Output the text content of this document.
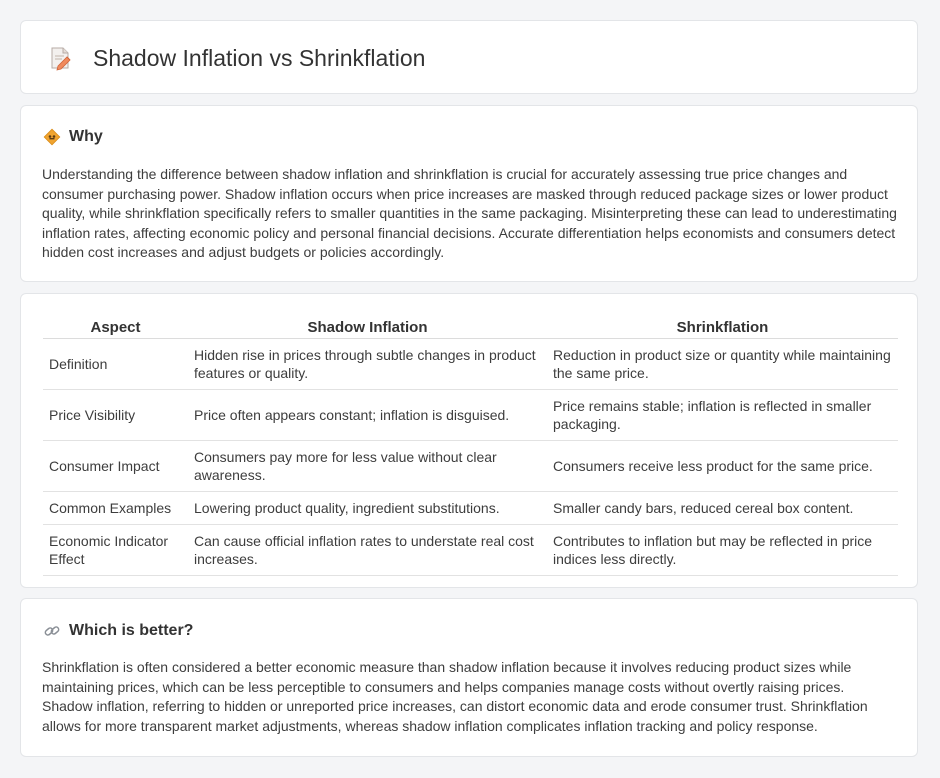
Shadow Inflation vs Shrinkflation
Why

Understanding the difference between shadow inflation and shrinkflation is crucial for accurately assessing true price changes and consumer purchasing power. Shadow inflation occurs when price increases are masked through reduced package sizes or lower product quality, while shrinkflation specifically refers to smaller quantities in the same packaging. Misinterpreting these can lead to underestimating inflation rates, affecting economic policy and personal financial decisions. Accurate differentiation helps economists and consumers detect hidden cost increases and adjust budgets or policies accordingly.

Aspect	Shadow Inflation	Shrinkflation
Definition	Hidden rise in prices through subtle changes in product features or quality.	Reduction in product size or quantity while maintaining the same price.
Price Visibility	Price often appears constant; inflation is disguised.	Price remains stable; inflation is reflected in smaller packaging.
Consumer Impact	Consumers pay more for less value without clear awareness.	Consumers receive less product for the same price.
Common Examples	Lowering product quality, ingredient substitutions.	Smaller candy bars, reduced cereal box content.
Economic Indicator Effect	Can cause official inflation rates to understate real cost increases.	Contributes to inflation but may be reflected in price indices less directly.
Which is better?

Shrinkflation is often considered a better economic measure than shadow inflation because it involves reducing product sizes while maintaining prices, which can be less perceptible to consumers and helps companies manage costs without overtly raising prices. Shadow inflation, referring to hidden or unreported price increases, can distort economic data and erode consumer trust. Shrinkflation allows for more transparent market adjustments, whereas shadow inflation complicates inflation tracking and policy response.
